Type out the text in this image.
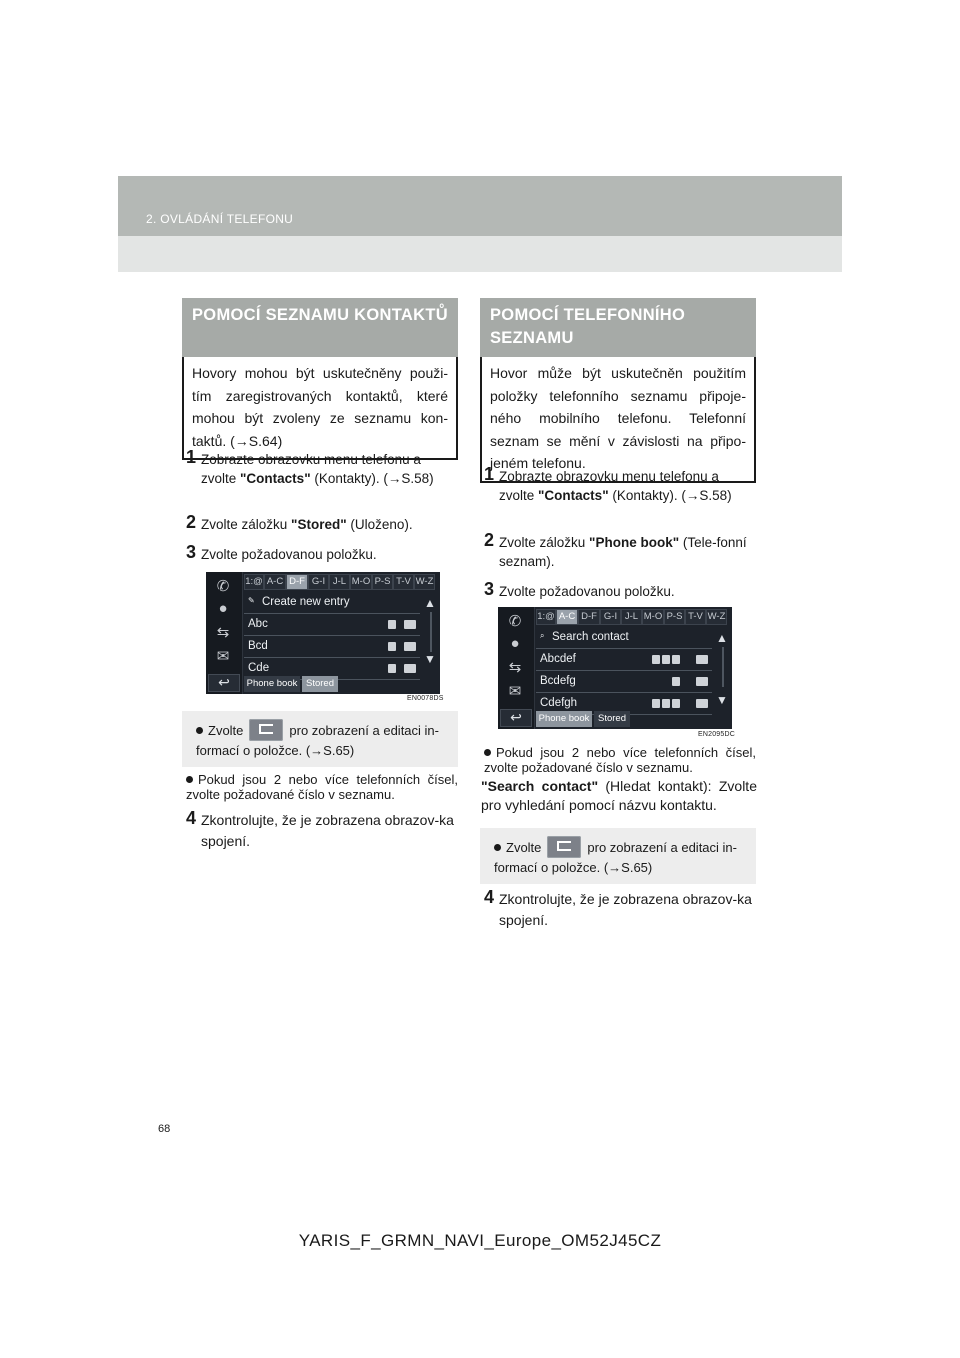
2. OVLÁDÁNÍ TELEFONU
POMOCÍ SEZNAMU KONTAKTŮ
Hovory mohou být uskutečněny použi-tím zaregistrovaných kontaktů, které mohou být zvoleny ze seznamu kon-taktů. (→S.64)
1 Zobrazte obrazovku menu telefonu a zvolte "Contacts" (Kontakty). (→S.58)
2 Zvolte záložku "Stored" (Uloženo).
3 Zvolte požadovanou položku.
✆
●
⇆
✉
1:@ A-C D-F G-I J-L M-O P-S T-V W-Z
✎ Create new entry
Abc
Bcd
Cde
▲
▼
↩	Phone book Stored
EN0078DS
Zvolte	pro zobrazení a editaci in-formací o položce. (→S.65)
Pokud jsou 2 nebo více telefonních čísel, zvolte požadované číslo v seznamu.
4 Zkontrolujte, že je zobrazena obrazov-ka spojení.
POMOCÍ TELEFONNÍHO SEZNAMU
Hovor může být uskutečněn použitím položky telefonního seznamu připoje-ného mobilního telefonu. Telefonní seznam se mění v závislosti na připo-jeném telefonu.
1 Zobrazte obrazovku menu telefonu a zvolte "Contacts" (Kontakty). (→S.58)
2 Zvolte záložku "Phone book" (Tele-fonní seznam).
3 Zvolte požadovanou položku.
✆
●
⇆
✉
1:@ A-C D-F G-I J-L M-O P-S T-V W-Z
⌕ Search contact
Abcdef
Bcdefg
Cdefgh
▲
▼
↩	Phone book Stored
EN2095DC
Pokud jsou 2 nebo více telefonních čísel, zvolte požadované číslo v seznamu.
"Search contact" (Hledat kontakt): Zvolte pro vyhledání pomocí názvu kontaktu.
Zvolte	pro zobrazení a editaci in-formací o položce. (→S.65)
4 Zkontrolujte, že je zobrazena obrazov-ka spojení.
68
YARIS_F_GRMN_NAVI_Europe_OM52J45CZ
